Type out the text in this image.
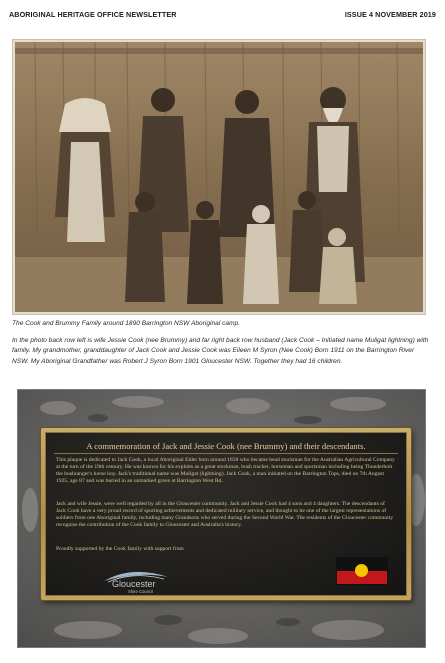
ABORIGINAL HERITAGE OFFICE NEWSLETTER	ISSUE 4 NOVEMBER 2019
The Cook and Brummy Family around 1890 Barrington NSW Aboriginal camp.

In the photo back row left is wife Jessie Cook (nee Brummy) and far right back row husband (Jack Cook – Initiated name Muligat lightning) with family. My grandmother, granddaughter of Jack Cook and Jessie Cook was Eileen M Syron (Nee Cook) Born 1911 on the Barrington River NSW. My Aboriginal Grandfather was Robert J Syron Born 1901 Gloucester NSW. Together they had 16 children.

A commemoration of Jack and Jessie Cook (nee Brummy) and their descendants.

This plaque is dedicated to Jack Cook, a local Aboriginal Elder born around 1838 who became head stockman for the Australian Agricultural Company at the turn of the 19th century. He was known for his exploits as a great stockman, bush tracker, horseman and sportsman including being Thunderbolt the bushranger's horse boy. Jack's traditional name was Muligat (lightning). Jack Cook, a man initiated on the Barrington Tops, died on 7th August 1925, age 87 and was buried in an unmarked grave at Barrington West Rd.

Jack and wife Jessie, were well regarded by all in the Gloucester community. Jack and Jessie Cook had 4 sons and 4 daughters. The descendants of Jack Cook have a very proud record of sporting achievements and dedicated military service, and thought to be one of the largest representations of soldiers from one Aboriginal family, including many Grandsons who served during the Second World War. The residents of the Gloucester community recognise the contribution of the Cook family to Gloucester and Australia's history.

Proudly supported by the Cook family with support from

Gloucester
Shire Council
